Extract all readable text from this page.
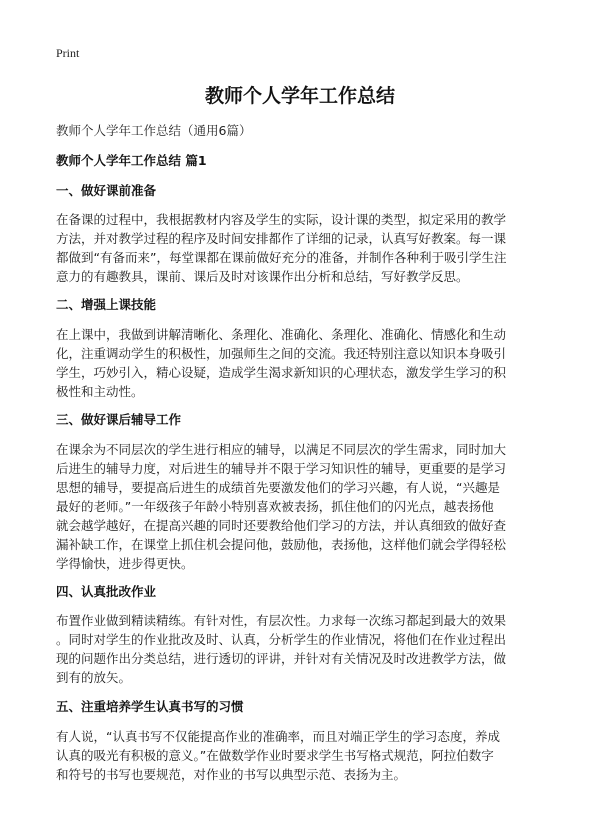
Print
教师个人学年工作总结
教师个人学年工作总结（通用6篇）
教师个人学年工作总结 篇1
一、做好课前准备
在备课的过程中，我根据教材内容及学生的实际，设计课的类型，拟定采用的教学
方法，并对教学过程的程序及时间安排都作了详细的记录，认真写好教案。每一课
都做到“有备而来”，每堂课都在课前做好充分的准备，并制作各种利于吸引学生注
意力的有趣教具，课前、课后及时对该课作出分析和总结，写好教学反思。
二、增强上课技能
在上课中，我做到讲解清晰化、条理化、准确化、条理化、准确化、情感化和生动
化，注重调动学生的积极性，加强师生之间的交流。我还特别注意以知识本身吸引
学生，巧妙引入，精心设疑，造成学生渴求新知识的心理状态，激发学生学习的积
极性和主动性。
三、做好课后辅导工作
在课余为不同层次的学生进行相应的辅导，以满足不同层次的学生需求，同时加大
后进生的辅导力度，对后进生的辅导并不限于学习知识性的辅导，更重要的是学习
思想的辅导，要提高后进生的成绩首先要激发他们的学习兴趣，有人说，“兴趣是
最好的老师。”一年级孩子年龄小特别喜欢被表扬，抓住他们的闪光点，越表扬他
就会越学越好，在提高兴趣的同时还要教给他们学习的方法，并认真细致的做好查
漏补缺工作，在课堂上抓住机会提问他，鼓励他，表扬他，这样他们就会学得轻松
学得愉快，进步得更快。
四、认真批改作业
布置作业做到精读精练。有针对性，有层次性。力求每一次练习都起到最大的效果
。同时对学生的作业批改及时、认真，分析学生的作业情况，将他们在作业过程出
现的问题作出分类总结，进行透切的评讲，并针对有关情况及时改进教学方法，做
到有的放矢。
五、注重培养学生认真书写的习惯
有人说，“认真书写不仅能提高作业的准确率，而且对端正学生的学习态度，养成
认真的吸光有积极的意义。”在做数学作业时要求学生书写格式规范，阿拉伯数字
和符号的书写也要规范，对作业的书写以典型示范、表扬为主。
